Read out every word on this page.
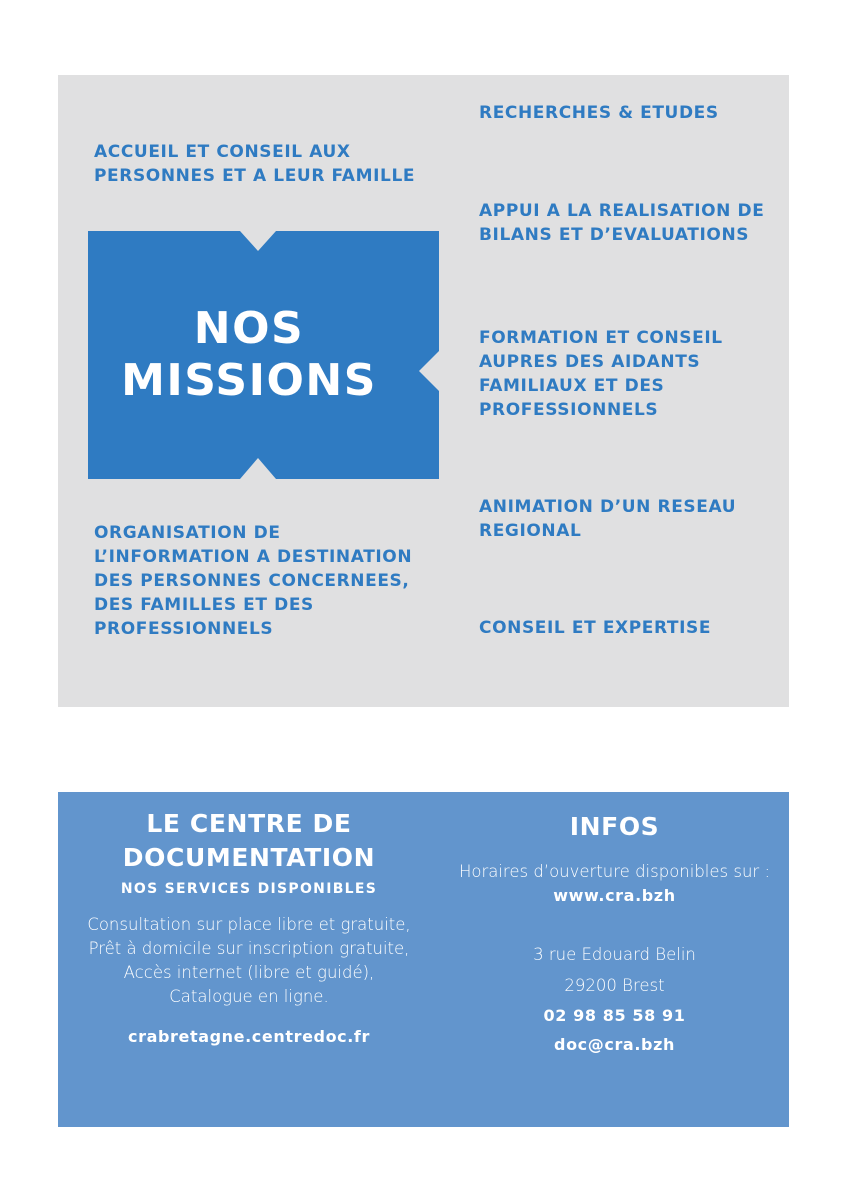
ACCUEIL ET CONSEIL AUX PERSONNES ET A LEUR FAMILLE

NOS
MISSIONS

ORGANISATION DE L’INFORMATION A DESTINATION DES PERSONNES CONCERNEES, DES FAMILLES ET DES PROFESSIONNELS

RECHERCHES & ETUDES

APPUI A LA REALISATION DE BILANS ET D’EVALUATIONS

FORMATION ET CONSEIL AUPRES DES AIDANTS FAMILIAUX ET DES PROFESSIONNELS

ANIMATION D’UN RESEAU REGIONAL

CONSEIL ET EXPERTISE

LE CENTRE DE
DOCUMENTATION
NOS SERVICES DISPONIBLES
Consultation sur place libre et gratuite,
Prêt à domicile sur inscription gratuite,
Accès internet (libre et guidé),
Catalogue en ligne.
crabretagne.centredoc.fr
INFOS
Horaires d’ouverture disponibles sur :
www.cra.bzh
3 rue Edouard Belin
29200 Brest
02 98 85 58 91
doc@cra.bzh
